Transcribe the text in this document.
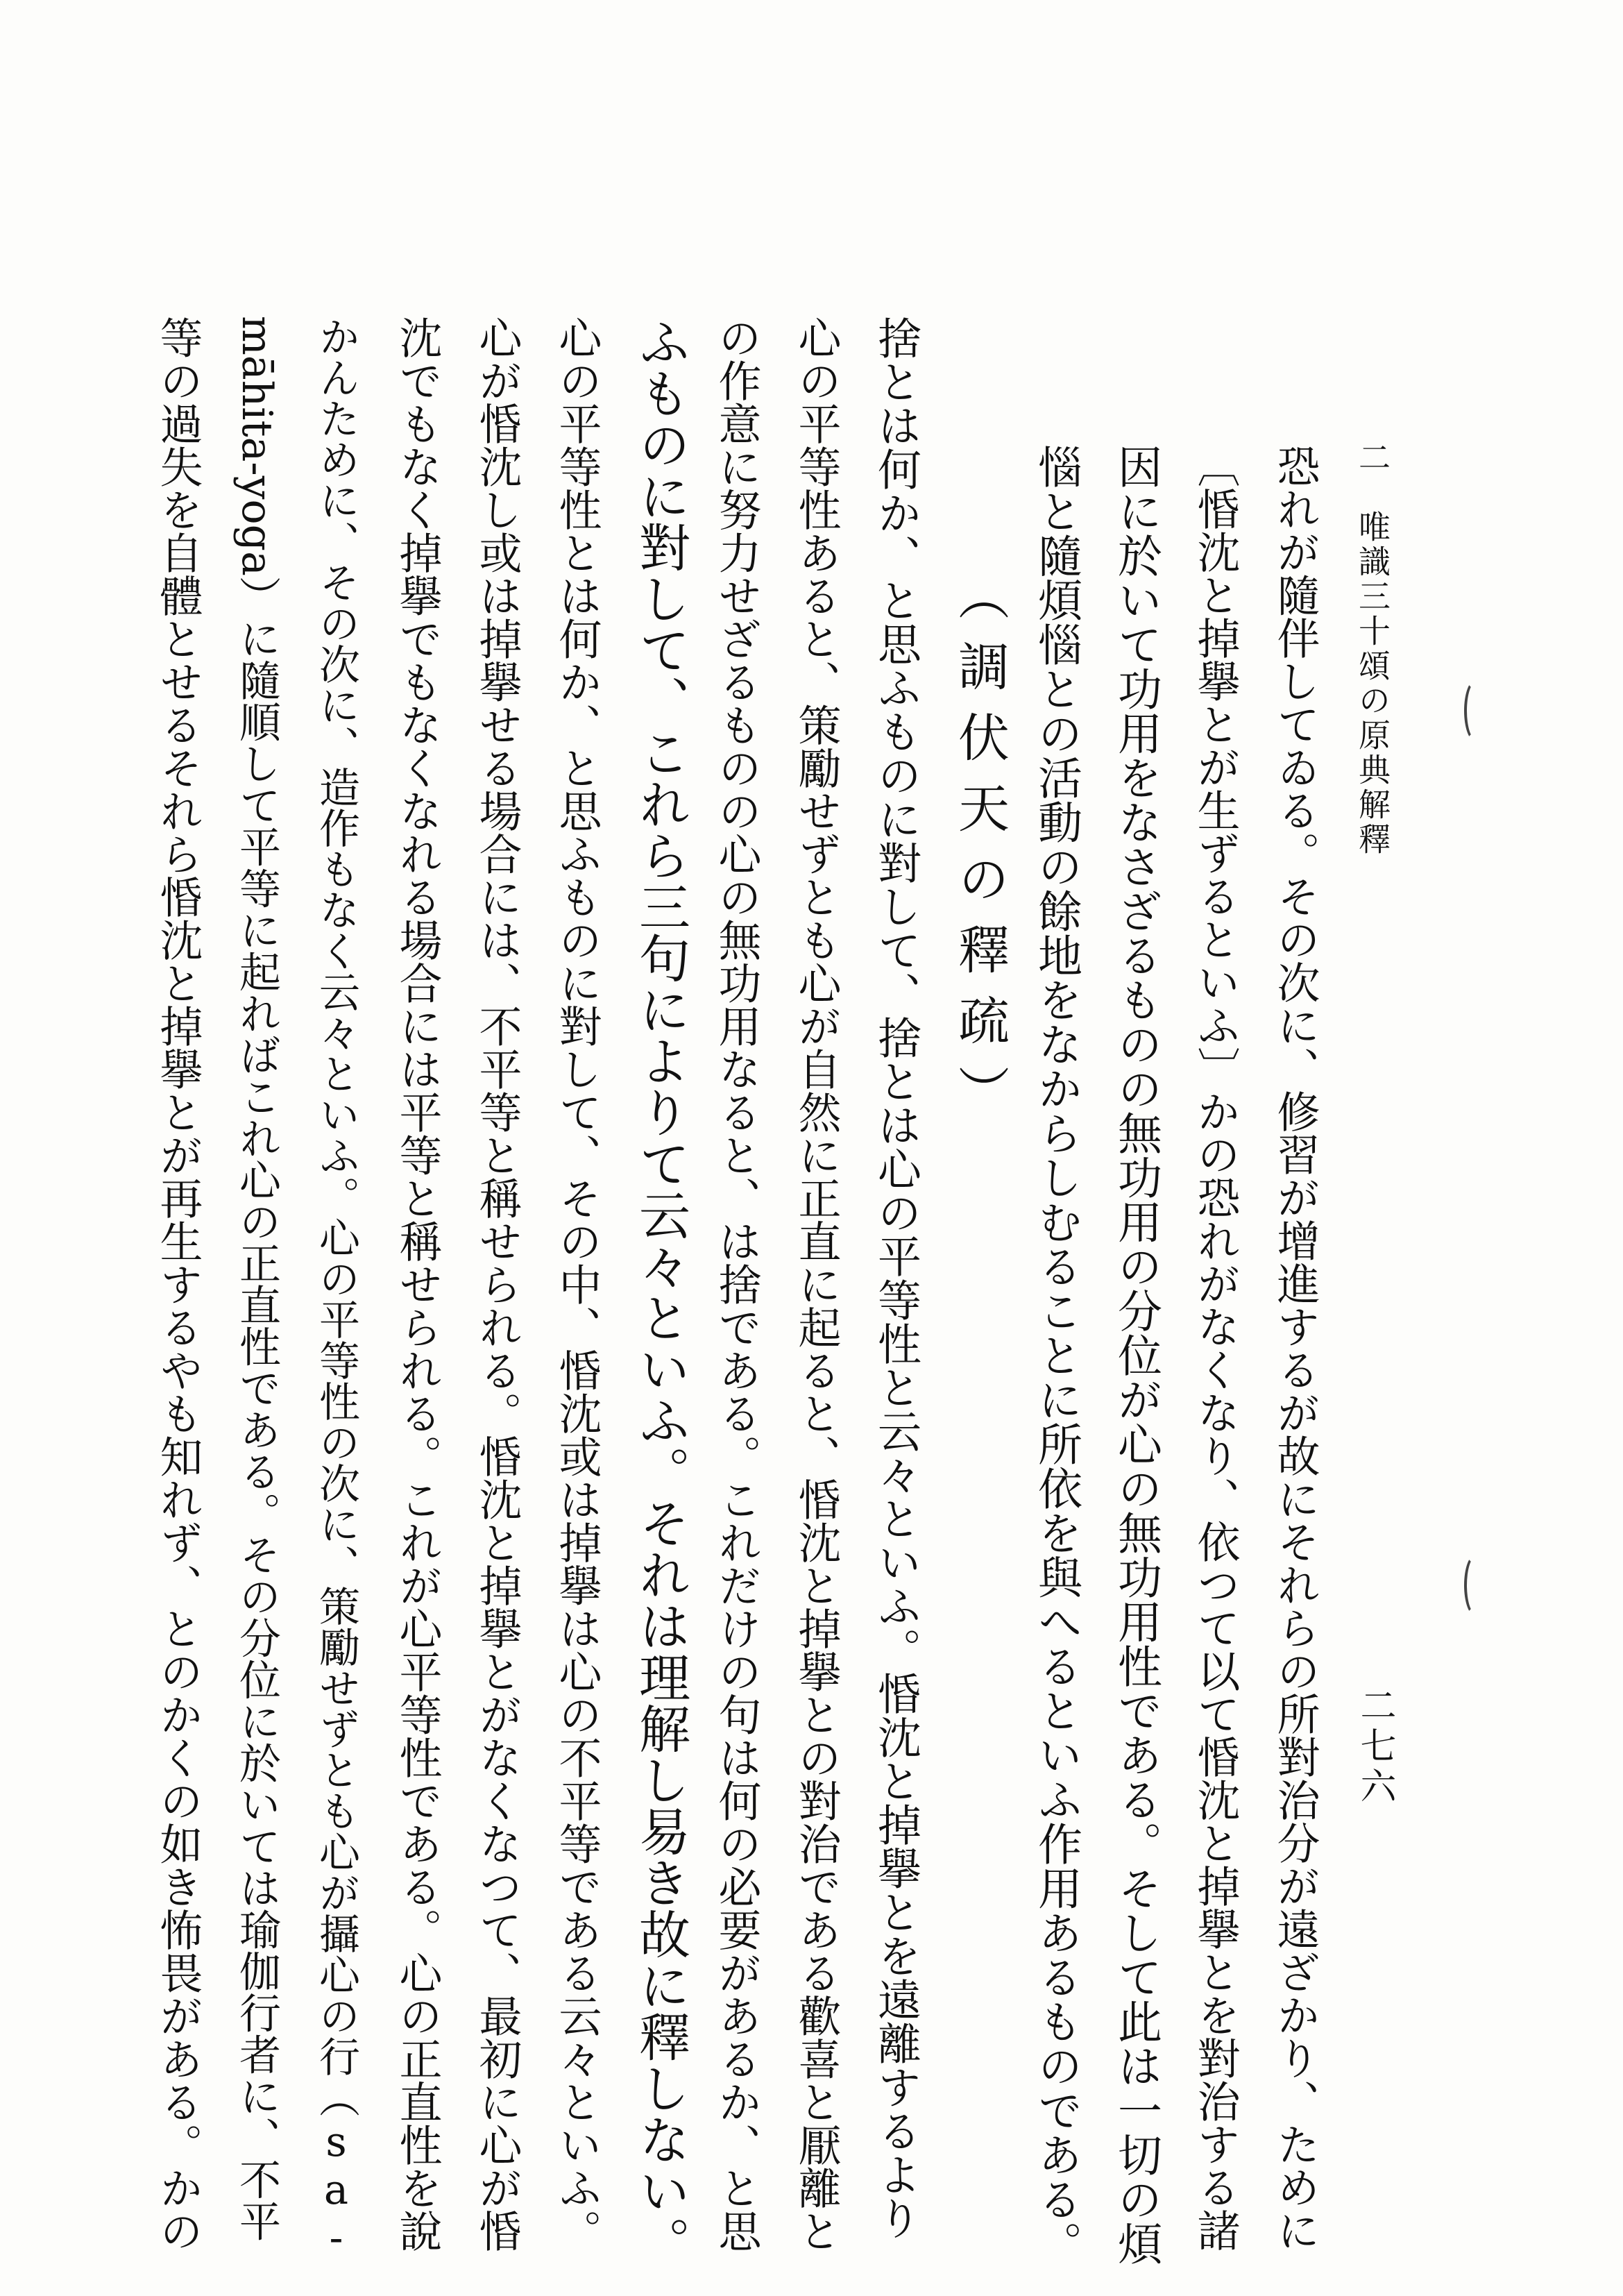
二　唯識三十頌の原典解釋
二七六
恐れが隨伴してゐる。その次に、修習が增進するが故にそれらの所對治分が遠ざかり、ために
〔惛沈と掉擧とが生ずるといふ〕かの恐れがなくなり、依つて以て惛沈と掉擧とを對治する諸
因に於いて功用をなさざるものの無功用の分位が心の無功用性である。そして此は一切の煩
惱と隨煩惱との活動の餘地をなからしむることに所依を與へるといふ作用あるものである。
（調伏天の釋疏）
捨とは何か、と思ふものに對して、捨とは心の平等性と云々といふ。惛沈と掉擧とを遠離するより
心の平等性あると、策勵せずとも心が自然に正直に起ると、惛沈と掉擧との對治である歡喜と厭離と
の作意に努力せざるものの心の無功用なると、は捨である。これだけの句は何の必要があるか、と思
ふものに對して、これら三句によりて云々といふ。それは理解し易き故に釋しない。
心の平等性とは何か、と思ふものに對して、その中、惛沈或は掉擧は心の不平等である云々といふ。
心が惛沈し或は掉擧せる場合には、不平等と稱せられる。惛沈と掉擧とがなくなつて、最初に心が惛
沈でもなく掉擧でもなくなれる場合には平等と稱せられる。これが心平等性である。心の正直性を說
かんために、その次に、造作もなく云々といふ。心の平等性の次に、策勵せずとも心が攝心の行（sa-
māhita-yoga）に隨順して平等に起ればこれ心の正直性である。その分位に於いては瑜伽行者に、不平
等の過失を自體とせるそれら惛沈と掉擧とが再生するやも知れず、とのかくの如き怖畏がある。かの
